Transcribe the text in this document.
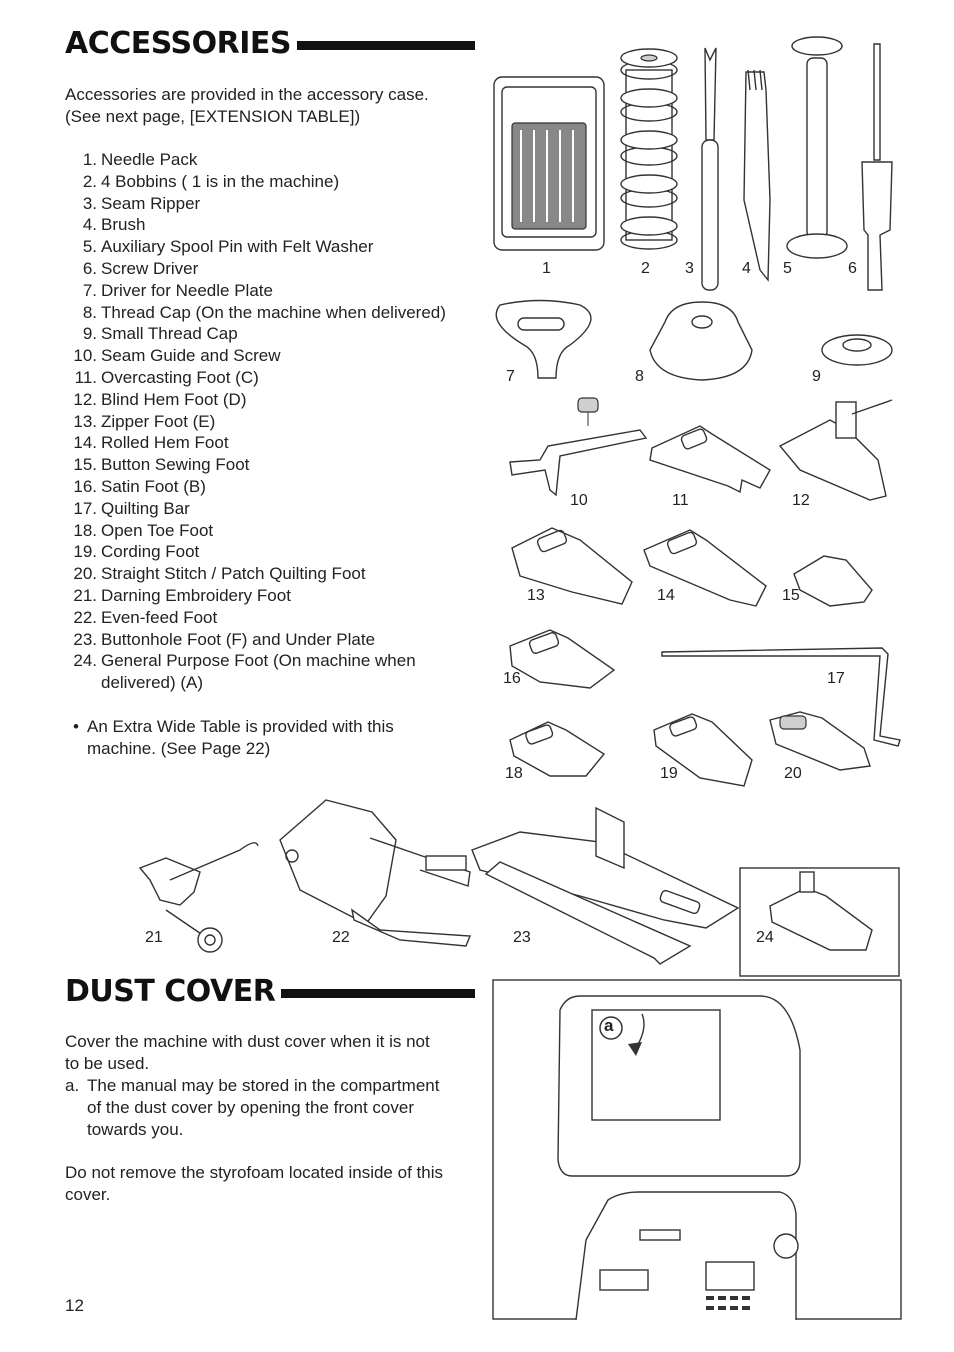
ACCESSORIES
Accessories are provided in the accessory case.
(See next page, [EXTENSION TABLE])
1. Needle Pack
2. 4 Bobbins ( 1 is in the machine)
3. Seam Ripper
4. Brush
5. Auxiliary Spool Pin with Felt Washer
6. Screw Driver
7. Driver for Needle Plate
8. Thread Cap (On the machine when delivered)
9. Small Thread Cap
10. Seam Guide and Screw
11. Overcasting Foot (C)
12. Blind Hem Foot (D)
13. Zipper Foot (E)
14. Rolled Hem Foot
15. Button Sewing Foot
16. Satin Foot (B)
17. Quilting Bar
18. Open Toe Foot
19. Cording Foot
20. Straight Stitch / Patch Quilting Foot
21. Darning Embroidery Foot
22. Even-feed Foot
23. Buttonhole Foot (F) and Under Plate
24. General Purpose Foot (On machine when
delivered) (A)
• An Extra Wide Table is provided with this
machine. (See Page 22)
1	2 3	4 5	6
7	8	9
10	11	12
13	14	15
16	17
18	19	20
21	22	23	24
a
DUST COVER
Cover the machine with dust cover when it is not
to be used.
a. The manual may be stored in the compartment
of the dust cover by opening the front cover
towards you.
Do not remove the styrofoam located inside of this
cover.
12
